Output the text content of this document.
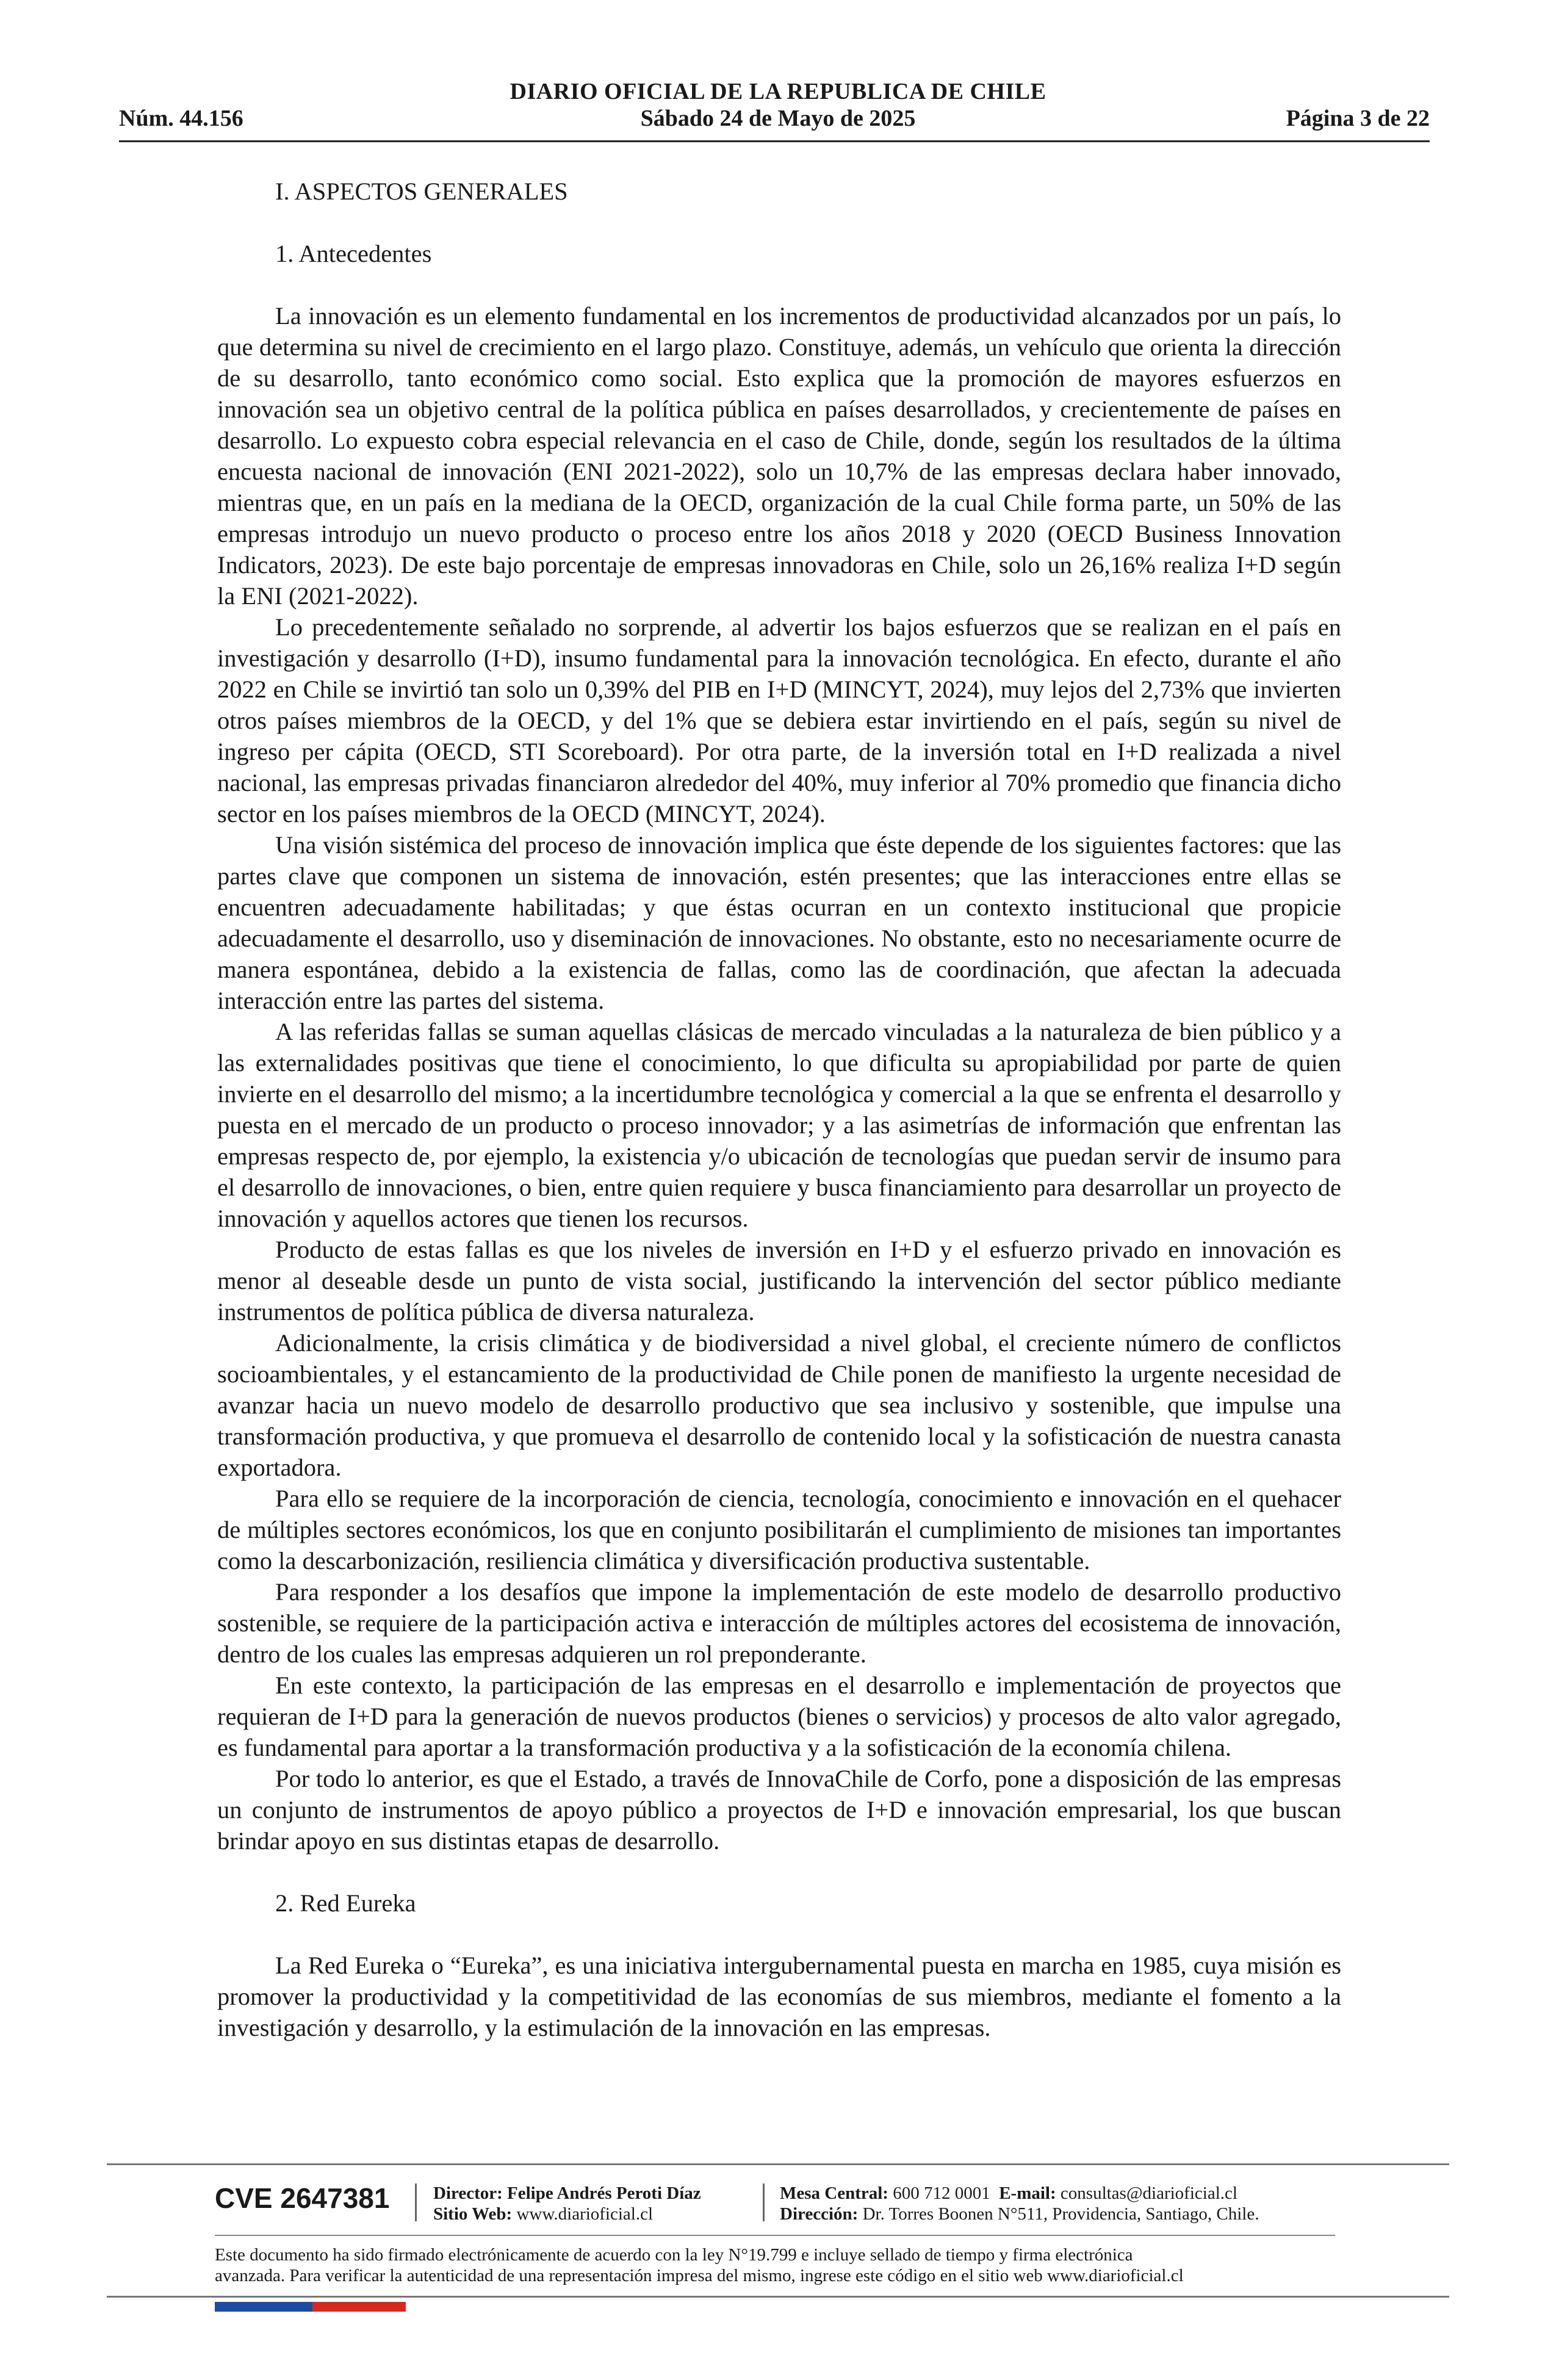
DIARIO OFICIAL DE LA REPUBLICA DE CHILE
Núm. 44.156	Sábado 24 de Mayo de 2025	Página 3 de 22
I. ASPECTOS GENERALES
1. Antecedentes

La innovación es un elemento fundamental en los incrementos de productividad alcanzados por un país, lo que determina su nivel de crecimiento en el largo plazo. Constituye, además, un vehículo que orienta la dirección de su desarrollo, tanto económico como social. Esto explica que la promoción de mayores esfuerzos en innovación sea un objetivo central de la política pública en países desarrollados, y crecientemente de países en desarrollo. Lo expuesto cobra especial relevancia en el caso de Chile, donde, según los resultados de la última encuesta nacional de innovación (ENI 2021-2022), solo un 10,7% de las empresas declara haber innovado, mientras que, en un país en la mediana de la OECD, organización de la cual Chile forma parte, un 50% de las empresas introdujo un nuevo producto o proceso entre los años 2018 y 2020 (OECD Business Innovation Indicators, 2023). De este bajo porcentaje de empresas innovadoras en Chile, solo un 26,16% realiza I+D según la ENI (2021-2022).

Lo precedentemente señalado no sorprende, al advertir los bajos esfuerzos que se realizan en el país en investigación y desarrollo (I+D), insumo fundamental para la innovación tecnológica. En efecto, durante el año 2022 en Chile se invirtió tan solo un 0,39% del PIB en I+D (MINCYT, 2024), muy lejos del 2,73% que invierten otros países miembros de la OECD, y del 1% que se debiera estar invirtiendo en el país, según su nivel de ingreso per cápita (OECD, STI Scoreboard). Por otra parte, de la inversión total en I+D realizada a nivel nacional, las empresas privadas financiaron alrededor del 40%, muy inferior al 70% promedio que financia dicho sector en los países miembros de la OECD (MINCYT, 2024).

Una visión sistémica del proceso de innovación implica que éste depende de los siguientes factores: que las partes clave que componen un sistema de innovación, estén presentes; que las interacciones entre ellas se encuentren adecuadamente habilitadas; y que éstas ocurran en un contexto institucional que propicie adecuadamente el desarrollo, uso y diseminación de innovaciones. No obstante, esto no necesariamente ocurre de manera espontánea, debido a la existencia de fallas, como las de coordinación, que afectan la adecuada interacción entre las partes del sistema.

A las referidas fallas se suman aquellas clásicas de mercado vinculadas a la naturaleza de bien público y a las externalidades positivas que tiene el conocimiento, lo que dificulta su apropiabilidad por parte de quien invierte en el desarrollo del mismo; a la incertidumbre tecnológica y comercial a la que se enfrenta el desarrollo y puesta en el mercado de un producto o proceso innovador; y a las asimetrías de información que enfrentan las empresas respecto de, por ejemplo, la existencia y/o ubicación de tecnologías que puedan servir de insumo para el desarrollo de innovaciones, o bien, entre quien requiere y busca financiamiento para desarrollar un proyecto de innovación y aquellos actores que tienen los recursos.

Producto de estas fallas es que los niveles de inversión en I+D y el esfuerzo privado en innovación es menor al deseable desde un punto de vista social, justificando la intervención del sector público mediante instrumentos de política pública de diversa naturaleza.

Adicionalmente, la crisis climática y de biodiversidad a nivel global, el creciente número de conflictos socioambientales, y el estancamiento de la productividad de Chile ponen de manifiesto la urgente necesidad de avanzar hacia un nuevo modelo de desarrollo productivo que sea inclusivo y sostenible, que impulse una transformación productiva, y que promueva el desarrollo de contenido local y la sofisticación de nuestra canasta exportadora.

Para ello se requiere de la incorporación de ciencia, tecnología, conocimiento e innovación en el quehacer de múltiples sectores económicos, los que en conjunto posibilitarán el cumplimiento de misiones tan importantes como la descarbonización, resiliencia climática y diversificación productiva sustentable.

Para responder a los desafíos que impone la implementación de este modelo de desarrollo productivo sostenible, se requiere de la participación activa e interacción de múltiples actores del ecosistema de innovación, dentro de los cuales las empresas adquieren un rol preponderante.

En este contexto, la participación de las empresas en el desarrollo e implementación de proyectos que requieran de I+D para la generación de nuevos productos (bienes o servicios) y procesos de alto valor agregado, es fundamental para aportar a la transformación productiva y a la sofisticación de la economía chilena.

Por todo lo anterior, es que el Estado, a través de InnovaChile de Corfo, pone a disposición de las empresas un conjunto de instrumentos de apoyo público a proyectos de I+D e innovación empresarial, los que buscan brindar apoyo en sus distintas etapas de desarrollo.

2. Red Eureka

La Red Eureka o “Eureka”, es una iniciativa intergubernamental puesta en marcha en 1985, cuya misión es promover la productividad y la competitividad de las economías de sus miembros, mediante el fomento a la investigación y desarrollo, y la estimulación de la innovación en las empresas.

CVE 2647381 Director: Felipe Andrés Peroti Díaz
Sitio Web: www.diarioficial.cl
Mesa Central: 600 712 0001 E-mail: consultas@diarioficial.cl
Dirección: Dr. Torres Boonen N°511, Providencia, Santiago, Chile.
Este documento ha sido firmado electrónicamente de acuerdo con la ley N°19.799 e incluye sellado de tiempo y firma electrónica
avanzada. Para verificar la autenticidad de una representación impresa del mismo, ingrese este código en el sitio web www.diarioficial.cl
